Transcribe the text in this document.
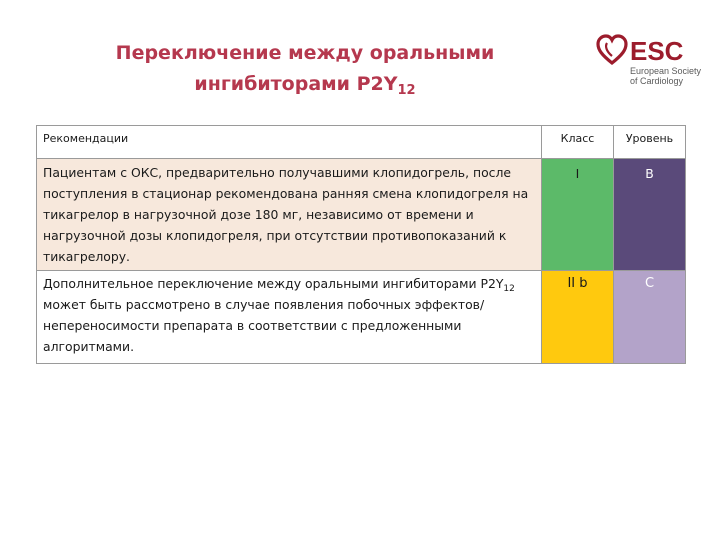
Переключение между оральными
ингибиторами $P2Y_{12}$
ESC
European Society
of Cardiology
Рекомендации	Класс	Уровень
Пациентам с ОКС, предварительно получавшими клопидогрель, после поступления в стационар рекомендована ранняя смена клопидогреля на тикагрелор в нагрузочной дозе 180 мг, независимо от времени и нагрузочной дозы клопидогреля, при отсутствии противопоказаний к тикагрелору.	I	B
Дополнительное переключение между оральными ингибиторами $P2Y_{12}$ может быть рассмотрено в случае появления побочных эффектов/непереносимости препарата в соответствии с предложенными алгоритмами.	II b	C
